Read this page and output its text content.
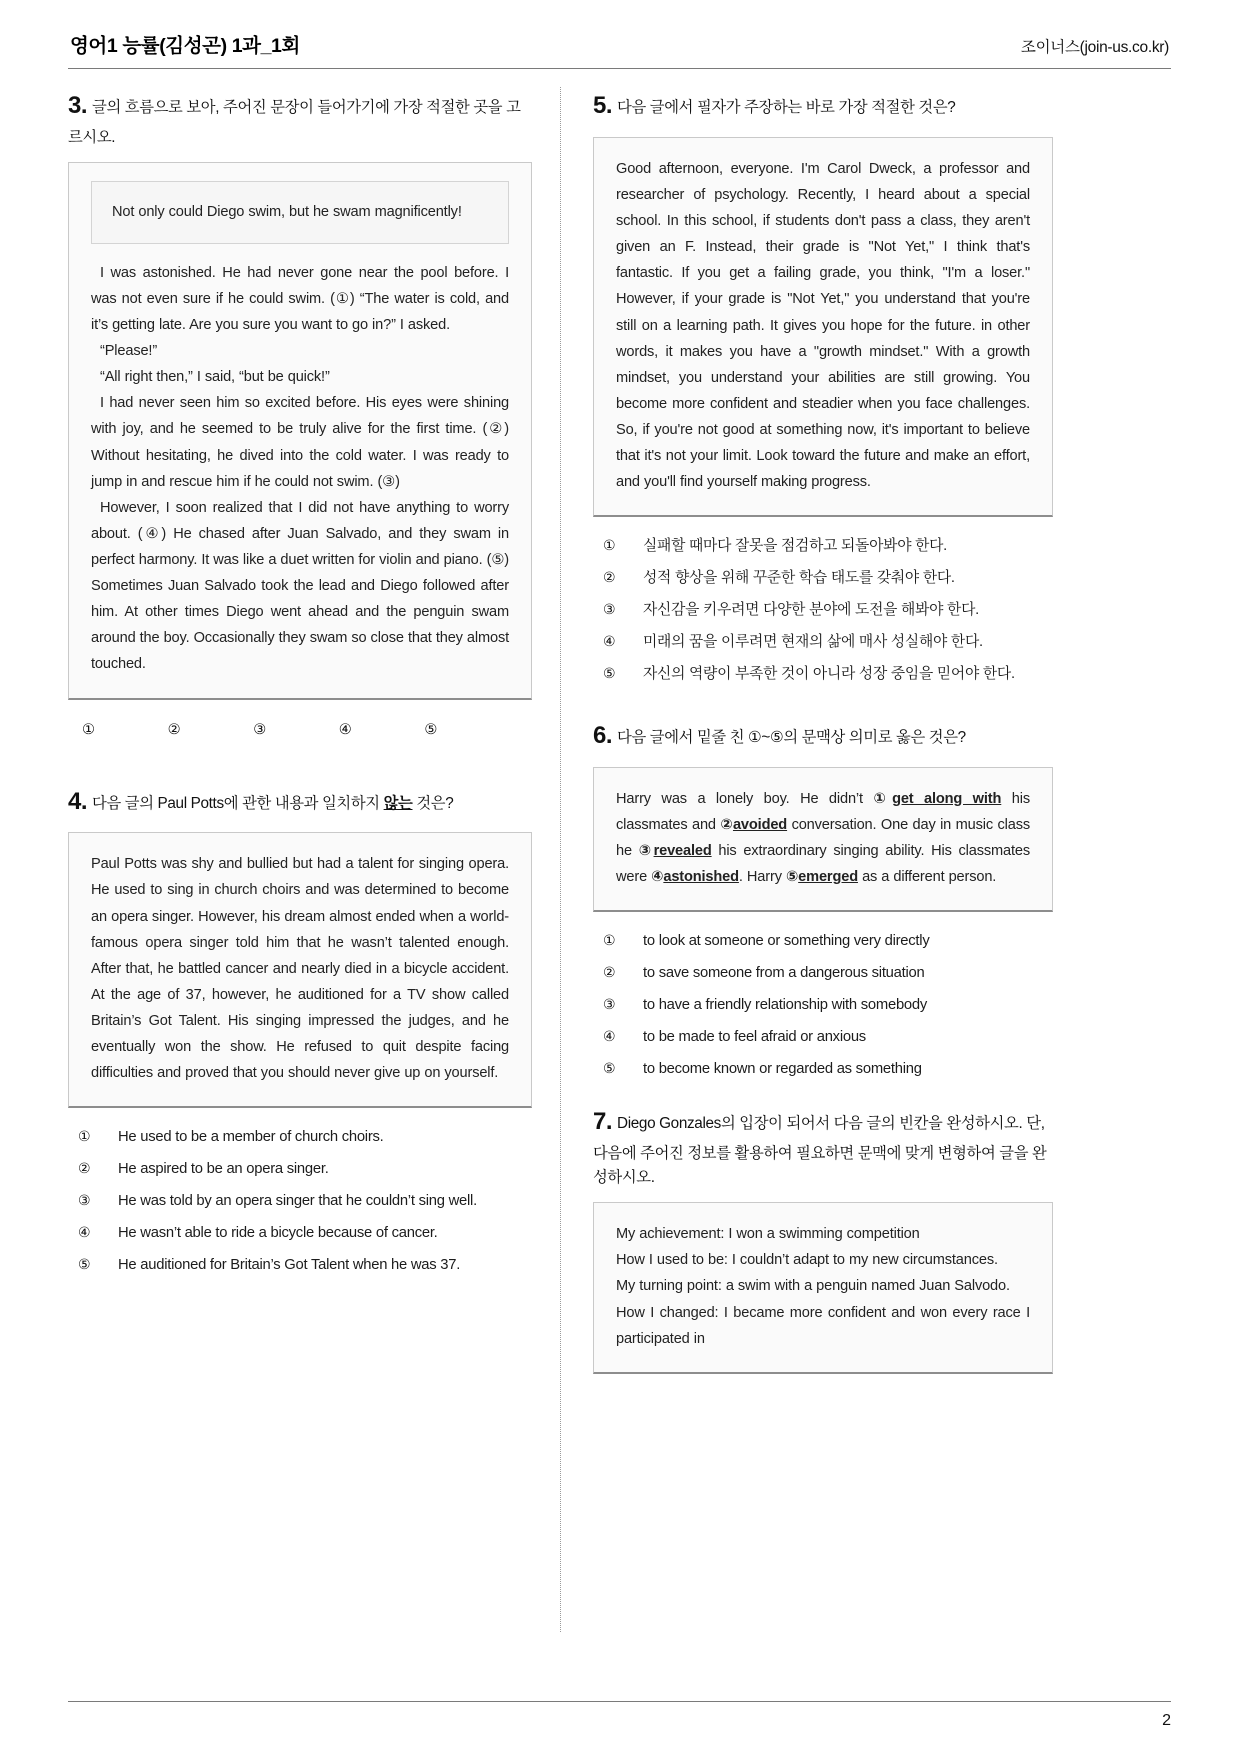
영어1 능률(김성곤) 1과_1회	조이너스(join-us.co.kr)
3. 글의 흐름으로 보아, 주어진 문장이 들어가기에 가장 적절한 곳을 고르시오.

Not only could Diego swim, but he swam magnificently!

I was astonished. He had never gone near the pool before. I was not even sure if he could swim. (①) “The water is cold, and it’s getting late. Are you sure you want to go in?” I asked.

“Please!”

“All right then,” I said, “but be quick!”

I had never seen him so excited before. His eyes were shining with joy, and he seemed to be truly alive for the first time. (②) Without hesitating, he dived into the cold water. I was ready to jump in and rescue him if he could not swim. (③)

However, I soon realized that I did not have anything to worry about. (④) He chased after Juan Salvado, and they swam in perfect harmony. It was like a duet written for violin and piano. (⑤) Sometimes Juan Salvado took the lead and Diego followed after him. At other times Diego went ahead and the penguin swam around the boy. Occasionally they swam so close that they almost touched.

①	②	③	④	⑤
4. 다음 글의 Paul Potts에 관한 내용과 일치하지 않는 것은?

Paul Potts was shy and bullied but had a talent for singing opera. He used to sing in church choirs and was determined to become an opera singer. However, his dream almost ended when a world-famous opera singer told him that he wasn’t talented enough. After that, he battled cancer and nearly died in a bicycle accident. At the age of 37, however, he auditioned for a TV show called Britain’s Got Talent. His singing impressed the judges, and he eventually won the show. He refused to quit despite facing difficulties and proved that you should never give up on yourself.

①	He used to be a member of church choirs.
②	He aspired to be an opera singer.
③	He was told by an opera singer that he couldn’t sing well.
④	He wasn’t able to ride a bicycle because of cancer.
⑤	He auditioned for Britain’s Got Talent when he was 37.
5. 다음 글에서 필자가 주장하는 바로 가장 적절한 것은?

Good afternoon, everyone. I'm Carol Dweck, a professor and researcher of psychology. Recently, I heard about a special school. In this school, if students don't pass a class, they aren't given an F. Instead, their grade is "Not Yet," I think that's fantastic. If you get a failing grade, you think, "I'm a loser." However, if your grade is "Not Yet," you understand that you're still on a learning path. It gives you hope for the future. in other words, it makes you have a "growth mindset." With a growth mindset, you understand your abilities are still growing. You become more confident and steadier when you face challenges. So, if you're not good at something now, it's important to believe that it's not your limit. Look toward the future and make an effort, and you'll find yourself making progress.

①	실패할 때마다 잘못을 점검하고 되돌아봐야 한다.
②	성적 향상을 위해 꾸준한 학습 태도를 갖춰야 한다.
③	자신감을 키우려면 다양한 분야에 도전을 해봐야 한다.
④	미래의 꿈을 이루려면 현재의 삶에 매사 성실해야 한다.
⑤	자신의 역량이 부족한 것이 아니라 성장 중임을 믿어야 한다.
6. 다음 글에서 밑줄 친 ①~⑤의 문맥상 의미로 옳은 것은?

Harry was a lonely boy. He didn’t ①get along with his classmates and ②avoided conversation. One day in music class he ③revealed his extraordinary singing ability. His classmates were ④astonished. Harry ⑤emerged as a different person.

①	to look at someone or something very directly
②	to save someone from a dangerous situation
③	to have a friendly relationship with somebody
④	to be made to feel afraid or anxious
⑤	to become known or regarded as something
7. Diego Gonzales의 입장이 되어서 다음 글의 빈칸을 완성하시오. 단, 다음에 주어진 정보를 활용하여 필요하면 문맥에 맞게 변형하여 글을 완성하시오.

My achievement: I won a swimming competition

How I used to be: I couldn’t adapt to my new circumstances.

My turning point: a swim with a penguin named Juan Salvodo.

How I changed: I became more confident and won every race I participated in

2
